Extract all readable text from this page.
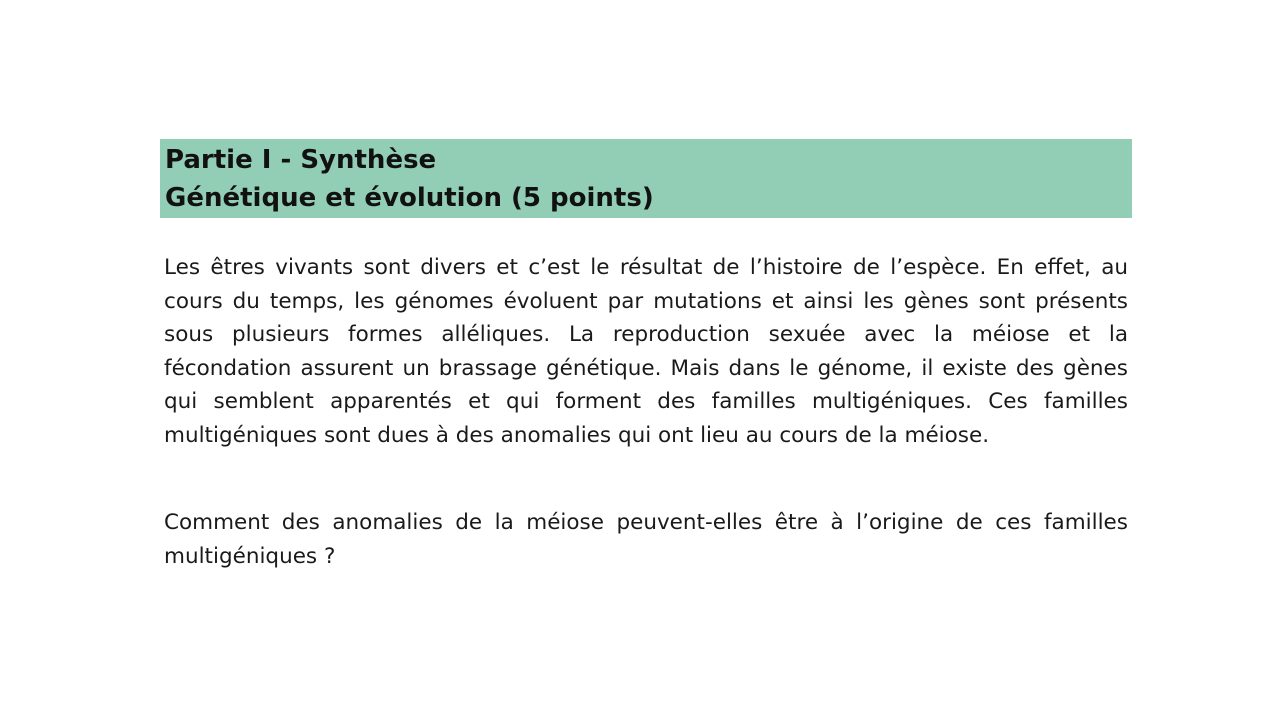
Partie I - Synthèse
Génétique et évolution (5 points)

Les êtres vivants sont divers et c’est le résultat de l’histoire de l’espèce. En effet, au cours du temps, les génomes évoluent par mutations et ainsi les gènes sont présents sous plusieurs formes alléliques. La reproduction sexuée avec la méiose et la fécondation assurent un brassage génétique. Mais dans le génome, il existe des gènes qui semblent apparentés et qui forment des familles multigéniques. Ces familles multigéniques sont dues à des anomalies qui ont lieu au cours de la méiose.

Comment des anomalies de la méiose peuvent-elles être à l’origine de ces familles multigéniques ?
